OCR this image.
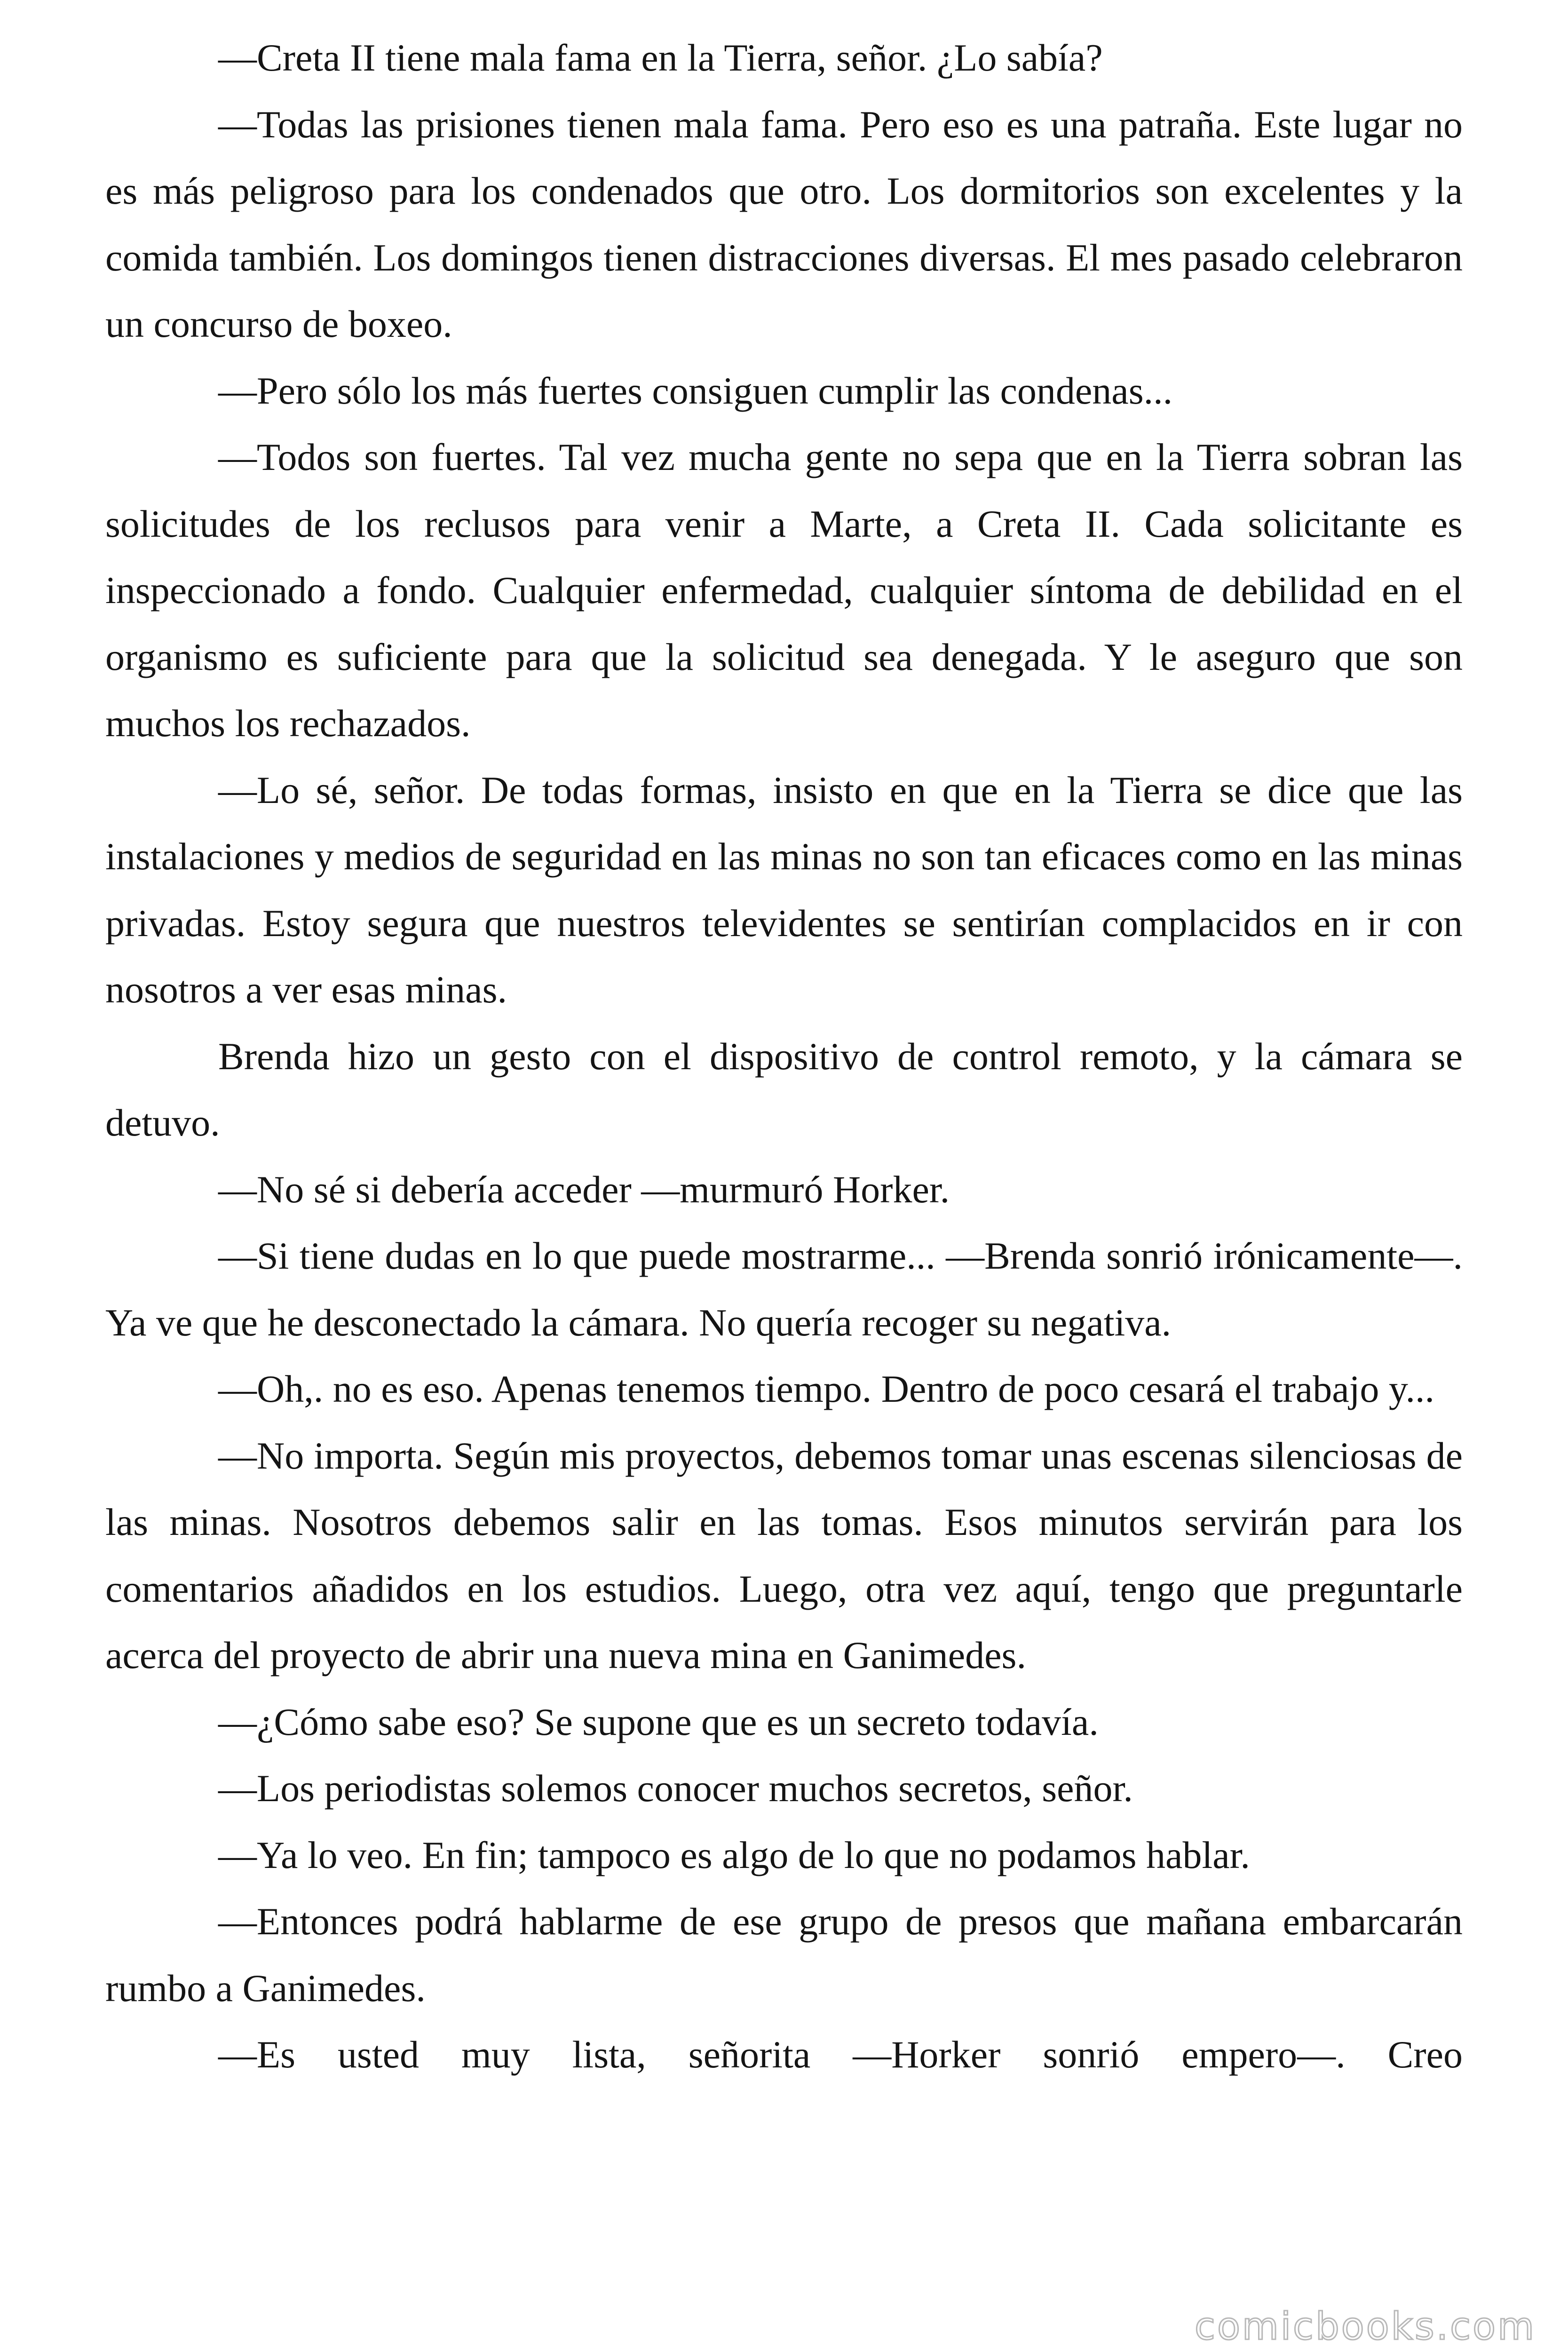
—Creta II tiene mala fama en la Tierra, señor. ¿Lo sabía?

—Todas las prisiones tienen mala fama. Pero eso es una patraña. Este lugar no es más peligroso para los condenados que otro. Los dormitorios son excelentes y la comida también. Los domingos tienen distracciones diversas. El mes pasado celebraron un concurso de boxeo.

—Pero sólo los más fuertes consiguen cumplir las condenas...

—Todos son fuertes. Tal vez mucha gente no sepa que en la Tierra sobran las solicitudes de los reclusos para venir a Marte, a Creta II. Cada solicitante es inspeccionado a fondo. Cualquier enfermedad, cualquier síntoma de debilidad en el organismo es suficiente para que la solicitud sea denegada. Y le aseguro que son muchos los rechazados.

—Lo sé, señor. De todas formas, insisto en que en la Tierra se dice que las instalaciones y medios de seguridad en las minas no son tan eficaces como en las minas privadas. Estoy segura que nuestros televidentes se sentirían complacidos en ir con nosotros a ver esas minas.

Brenda hizo un gesto con el dispositivo de control remoto, y la cámara se detuvo.

—No sé si debería acceder —murmuró Horker.

—Si tiene dudas en lo que puede mostrarme... —Brenda sonrió irónicamente—. Ya ve que he desconectado la cámara. No quería recoger su negativa.

—Oh,. no es eso. Apenas tenemos tiempo. Dentro de poco cesará el trabajo y...

—No importa. Según mis proyectos, debemos tomar unas escenas silenciosas de las minas. Nosotros debemos salir en las tomas. Esos minutos servirán para los comentarios añadidos en los estudios. Luego, otra vez aquí, tengo que preguntarle acerca del proyecto de abrir una nueva mina en Ganimedes.

—¿Cómo sabe eso? Se supone que es un secreto todavía.

—Los periodistas solemos conocer muchos secretos, señor.

—Ya lo veo. En fin; tampoco es algo de lo que no podamos hablar.

—Entonces podrá hablarme de ese grupo de presos que mañana embarcarán rumbo a Ganimedes.

—Es usted muy lista, señorita —Horker sonrió empero—. Creo

comicbooks.com
